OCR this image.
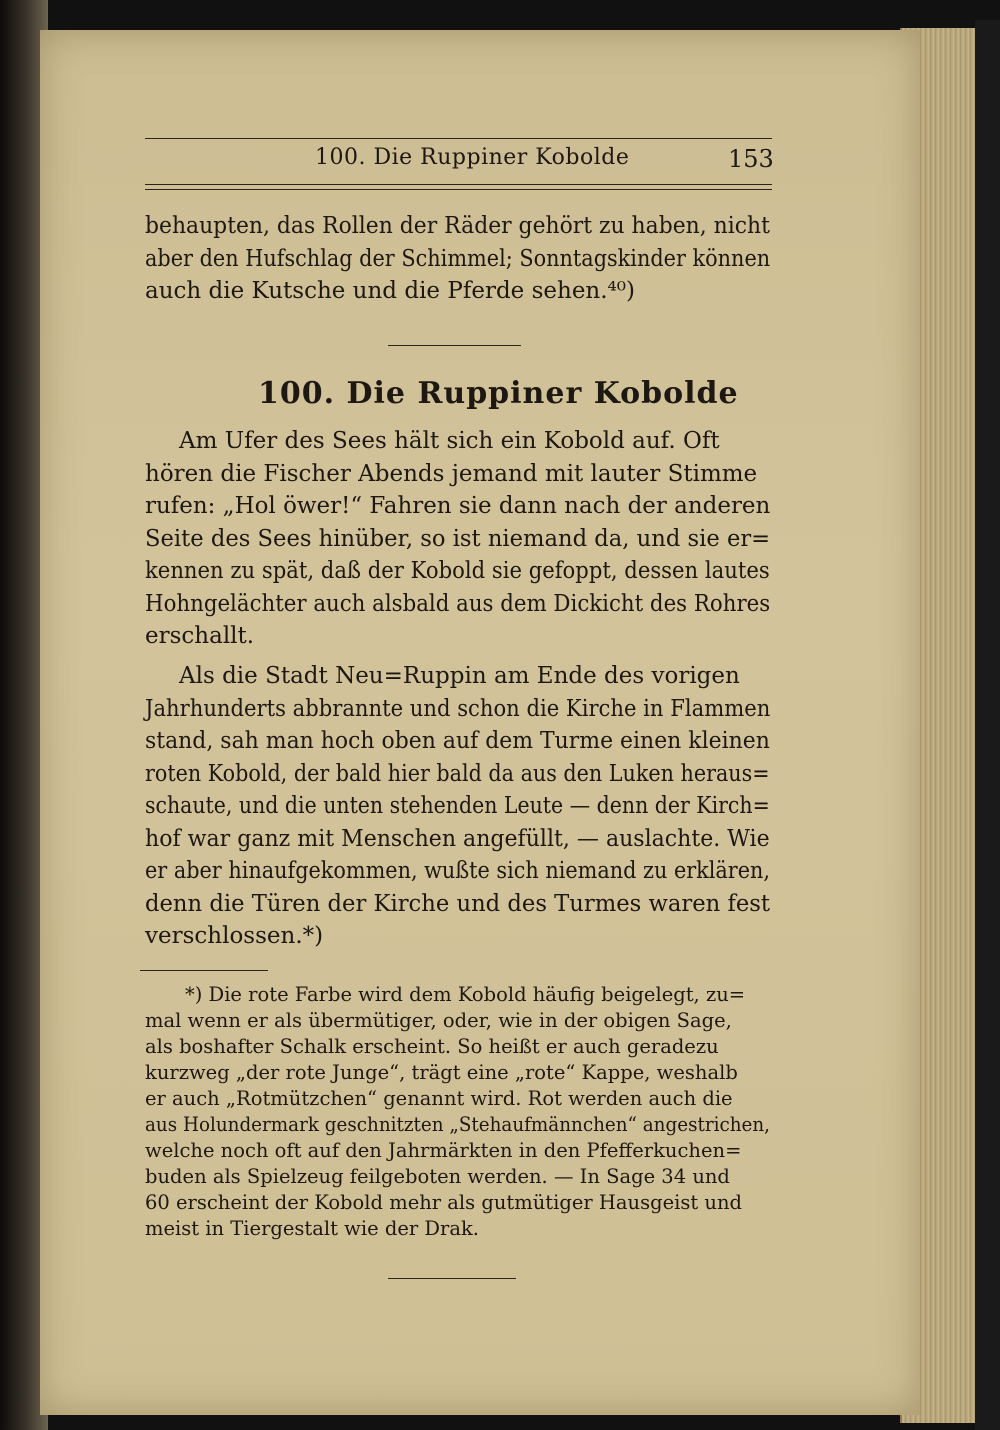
100. Die Ruppiner Kobolde	153
behaupten, das Rollen der Räder gehört zu haben, nicht
aber den Hufschlag der Schimmel; Sonntagskinder können
auch die Kutsche und die Pferde sehen.⁴⁰)
100. Die Ruppiner Kobolde
Am Ufer des Sees hält sich ein Kobold auf. Oft
hören die Fischer Abends jemand mit lauter Stimme
rufen: „Hol öwer!“ Fahren sie dann nach der anderen
Seite des Sees hinüber, so ist niemand da, und sie er=
kennen zu spät, daß der Kobold sie gefoppt, dessen lautes
Hohngelächter auch alsbald aus dem Dickicht des Rohres
erschallt.
Als die Stadt Neu=Ruppin am Ende des vorigen
Jahrhunderts abbrannte und schon die Kirche in Flammen
stand, sah man hoch oben auf dem Turme einen kleinen
roten Kobold, der bald hier bald da aus den Luken heraus=
schaute, und die unten stehenden Leute — denn der Kirch=
hof war ganz mit Menschen angefüllt, — auslachte. Wie
er aber hinaufgekommen, wußte sich niemand zu erklären,
denn die Türen der Kirche und des Turmes waren fest
verschlossen.*)
*) Die rote Farbe wird dem Kobold häufig beigelegt, zu=
mal wenn er als übermütiger, oder, wie in der obigen Sage,
als boshafter Schalk erscheint. So heißt er auch geradezu
kurzweg „der rote Junge“, trägt eine „rote“ Kappe, weshalb
er auch „Rotmützchen“ genannt wird. Rot werden auch die
aus Holundermark geschnitzten „Stehaufmännchen“ angestrichen,
welche noch oft auf den Jahrmärkten in den Pfefferkuchen=
buden als Spielzeug feilgeboten werden. — In Sage 34 und
60 erscheint der Kobold mehr als gutmütiger Hausgeist und
meist in Tiergestalt wie der Drak.
